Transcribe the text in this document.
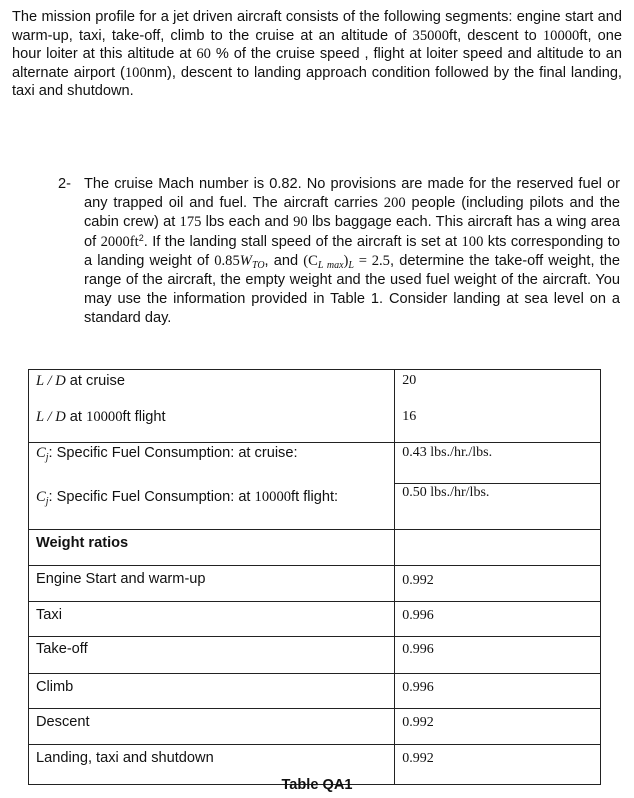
The mission profile for a jet driven aircraft consists of the following segments: engine start and warm-up, taxi, take-off, climb to the cruise at an altitude of 35000ft, descent to 10000ft, one hour loiter at this altitude at 60 % of the cruise speed , flight at loiter speed and altitude to an alternate airport (100nm), descent to landing approach condition followed by the final landing, taxi and shutdown.
2- The cruise Mach number is 0.82. No provisions are made for the reserved fuel or any trapped oil and fuel. The aircraft carries 200 people (including pilots and the cabin crew) at 175 lbs each and 90 lbs baggage each. This aircraft has a wing area of $2000ft^2$. If the landing stall speed of the aircraft is set at 100 kts corresponding to a landing weight of $0.85W_{TO}$, and $(C_{L max})_L = 2.5$, determine the take-off weight, the range of the aircraft, the empty weight and the used fuel weight of the aircraft. You may use the information provided in Table 1. Consider landing at sea level on a standard day.
L / D at cruise	20

L / D at 10000ft flight	16

$C_j$: Specific Fuel Consumption: at cruise:	0.43 lbs./hr./lbs.

$C_j$: Specific Fuel Consumption: at 10000ft flight:	0.50 lbs./hr/lbs.

Weight ratios	

Engine Start and warm-up	0.992

Taxi	0.996

Take-off	0.996

Climb	0.996

Descent	0.992

Landing, taxi and shutdown	0.992
Table QA1
